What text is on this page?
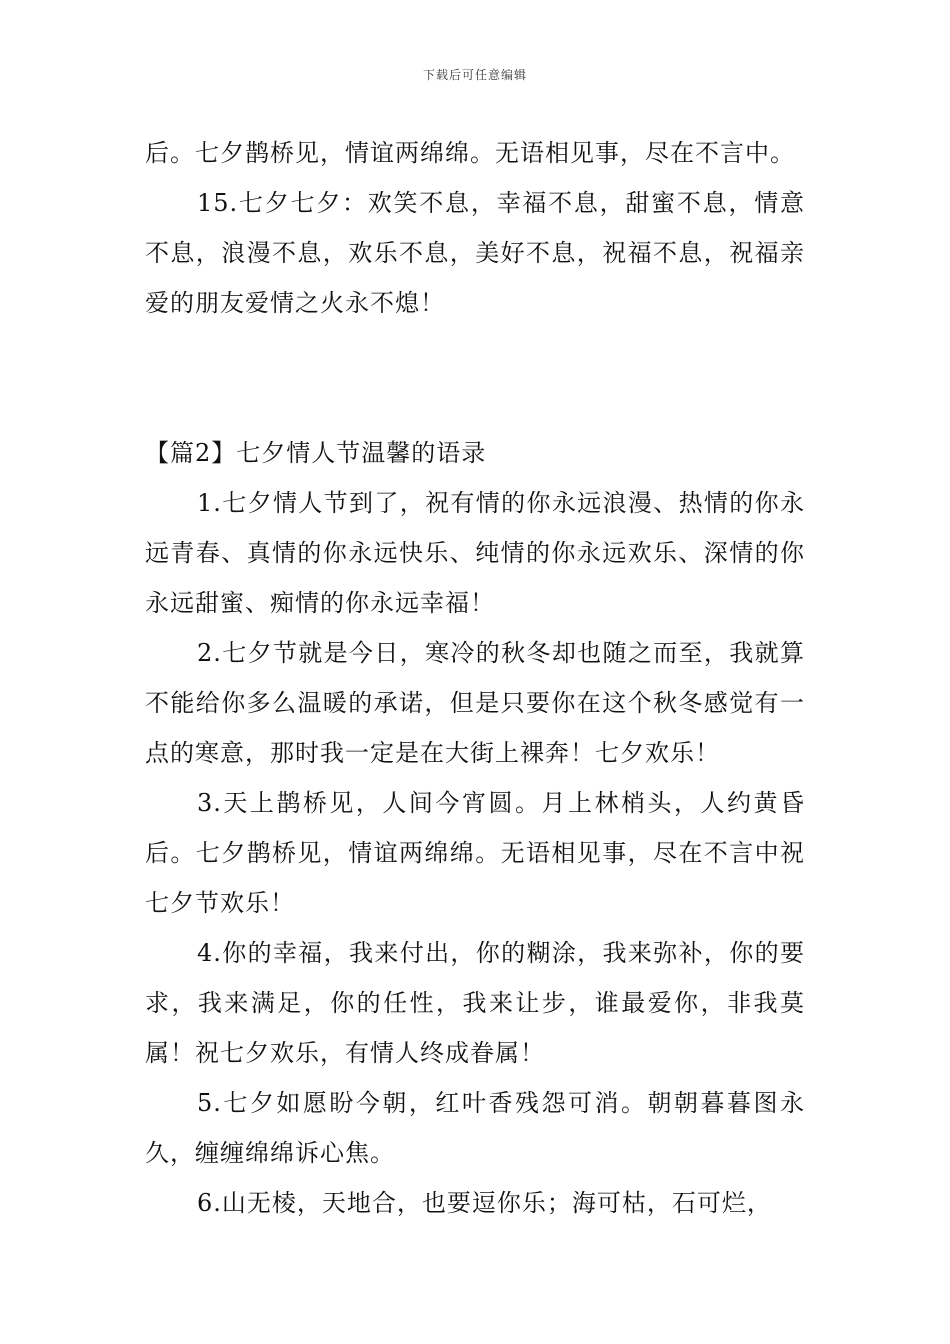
下载后可任意编辑

后。七夕鹊桥见，情谊两绵绵。无语相见事，尽在不言中。

15.七夕七夕：欢笑不息，幸福不息，甜蜜不息，情意不息，浪漫不息，欢乐不息，美好不息，祝福不息，祝福亲爱的朋友爱情之火永不熄！

【篇2】七夕情人节温馨的语录

1.七夕情人节到了，祝有情的你永远浪漫、热情的你永远青春、真情的你永远快乐、纯情的你永远欢乐、深情的你永远甜蜜、痴情的你永远幸福！

2.七夕节就是今日，寒冷的秋冬却也随之而至，我就算不能给你多么温暖的承诺，但是只要你在这个秋冬感觉有一点的寒意，那时我一定是在大街上裸奔！七夕欢乐！

3.天上鹊桥见，人间今宵圆。月上林梢头，人约黄昏后。七夕鹊桥见，情谊两绵绵。无语相见事，尽在不言中祝七夕节欢乐！

4.你的幸福，我来付出，你的糊涂，我来弥补，你的要求，我来满足，你的任性，我来让步，谁最爱你，非我莫属！祝七夕欢乐，有情人终成眷属！

5.七夕如愿盼今朝，红叶香残怨可消。朝朝暮暮图永久，缠缠绵绵诉心焦。

6.山无棱，天地合，也要逗你乐；海可枯，石可烂，
